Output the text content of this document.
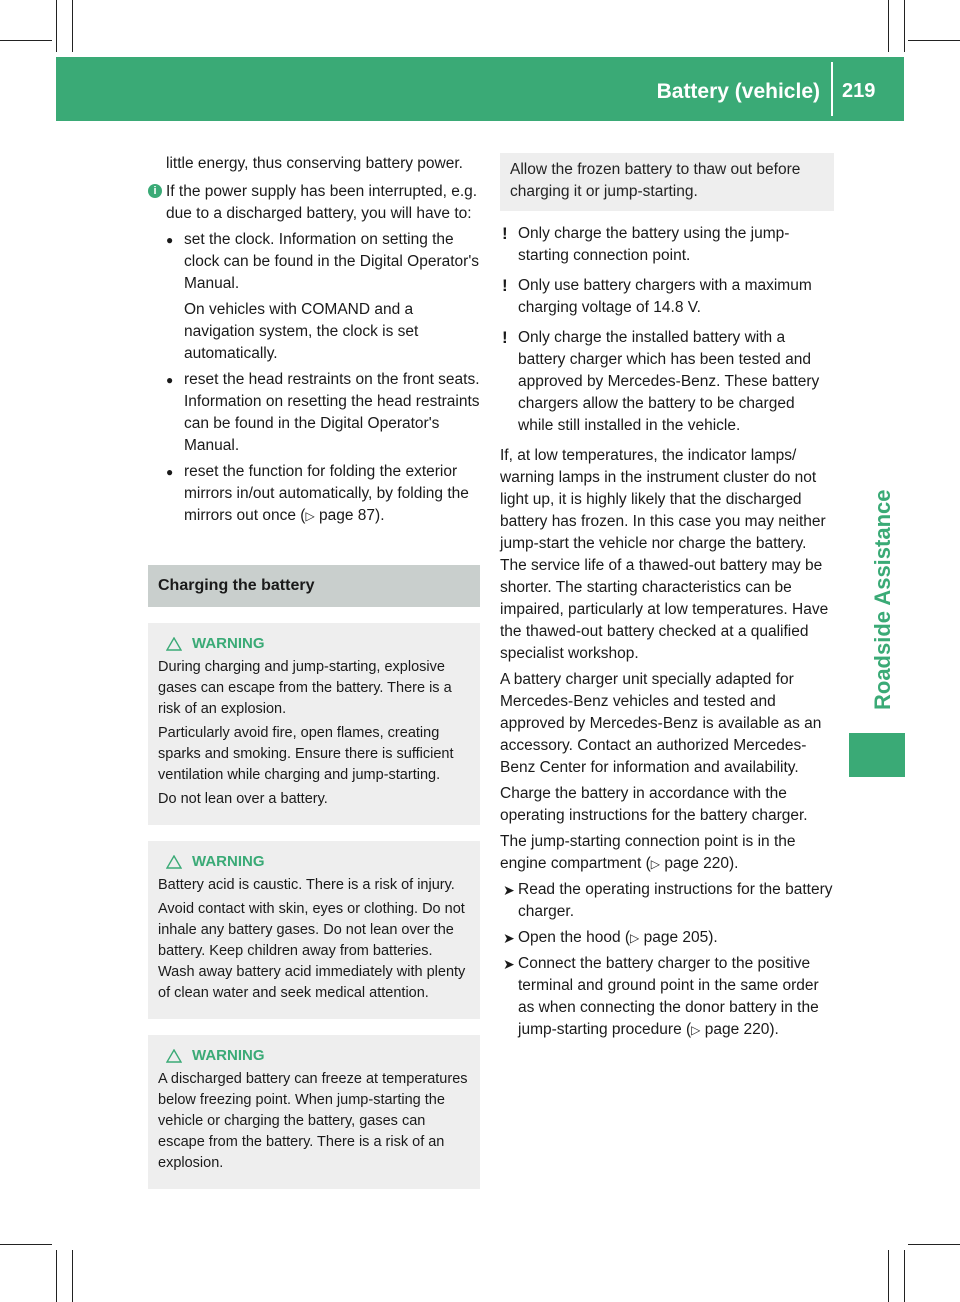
Battery (vehicle) 219
Roadside Assistance

little energy, thus conserving battery power.

i If the power supply has been interrupted, e.g. due to a discharged battery, you will have to:
● set the clock. Information on setting the clock can be found in the Digital Operator's Manual.

On vehicles with COMAND and a navigation system, the clock is set automatically.

● reset the head restraints on the front seats. Information on resetting the head restraints can be found in the Digital Operator's Manual.
● reset the function for folding the exterior mirrors in/out automatically, by folding the mirrors out once (▷ page 87).
Charging the battery
WARNING

During charging and jump-starting, explosive gases can escape from the battery. There is a risk of an explosion.

Particularly avoid fire, open flames, creating sparks and smoking. Ensure there is sufficient ventilation while charging and jump-starting.

Do not lean over a battery.

WARNING

Battery acid is caustic. There is a risk of injury.

Avoid contact with skin, eyes or clothing. Do not inhale any battery gases. Do not lean over the battery. Keep children away from batteries. Wash away battery acid immediately with plenty of clean water and seek medical attention.

WARNING

A discharged battery can freeze at temperatures below freezing point. When jump-starting the vehicle or charging the battery, gases can escape from the battery. There is a risk of an explosion.

Allow the frozen battery to thaw out before charging it or jump-starting.
! Only charge the battery using the jump-starting connection point.
! Only use battery chargers with a maximum charging voltage of 14.8 V.
! Only charge the installed battery with a battery charger which has been tested and approved by Mercedes-Benz. These battery chargers allow the battery to be charged while still installed in the vehicle.

If, at low temperatures, the indicator lamps/ warning lamps in the instrument cluster do not light up, it is highly likely that the discharged battery has frozen. In this case you may neither jump-start the vehicle nor charge the battery. The service life of a thawed-out battery may be shorter. The starting characteristics can be impaired, particularly at low temperatures. Have the thawed-out battery checked at a qualified specialist workshop.

A battery charger unit specially adapted for Mercedes-Benz vehicles and tested and approved by Mercedes-Benz is available as an accessory. Contact an authorized Mercedes-Benz Center for information and availability.

Charge the battery in accordance with the operating instructions for the battery charger.

The jump-starting connection point is in the engine compartment (▷ page 220).

➤ Read the operating instructions for the battery charger.
➤ Open the hood (▷ page 205).
➤ Connect the battery charger to the positive terminal and ground point in the same order as when connecting the donor battery in the jump-starting procedure (▷ page 220).
